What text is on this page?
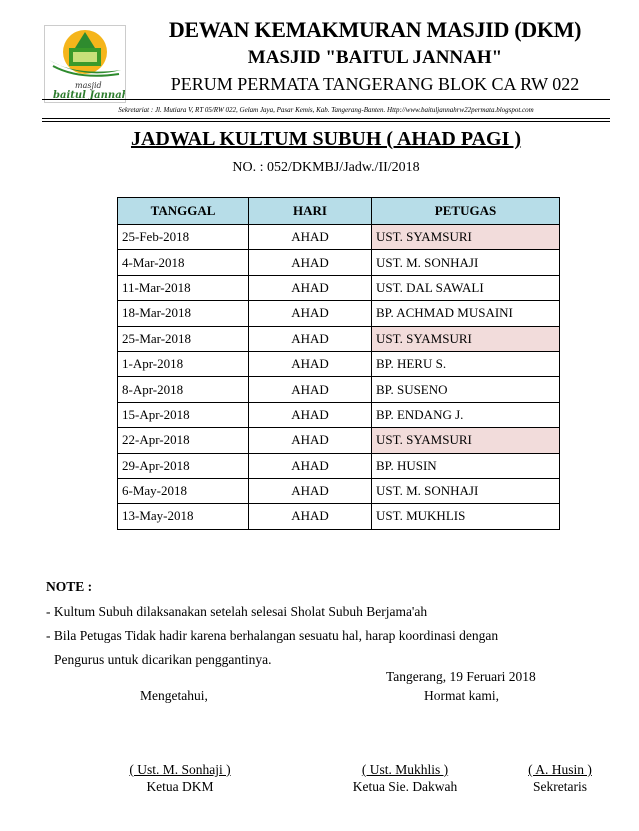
masjid
baitul Jannah
DEWAN KEMAKMURAN MASJID (DKM)
MASJID "BAITUL JANNAH"
PERUM PERMATA TANGERANG BLOK CA RW 022
Sekretariat : Jl. Mutiara V, RT 05/RW 022, Gelam Jaya, Pasar Kemis, Kab. Tangerang-Banten. Http://www.baituljannahrw22permata.blogspot.com
JADWAL KULTUM SUBUH ( AHAD PAGI )
NO. : 052/DKMBJ/Jadw./II/2018
TANGGAL	HARI	PETUGAS
25-Feb-2018	AHAD	UST. SYAMSURI
4-Mar-2018	AHAD	UST. M. SONHAJI
11-Mar-2018	AHAD	UST. DAL SAWALI
18-Mar-2018	AHAD	BP. ACHMAD MUSAINI
25-Mar-2018	AHAD	UST. SYAMSURI
1-Apr-2018	AHAD	BP. HERU S.
8-Apr-2018	AHAD	BP. SUSENO
15-Apr-2018	AHAD	BP. ENDANG J.
22-Apr-2018	AHAD	UST. SYAMSURI
29-Apr-2018	AHAD	BP. HUSIN
6-May-2018	AHAD	UST. M. SONHAJI
13-May-2018	AHAD	UST. MUKHLIS
NOTE :
- Kultum Subuh dilaksanakan setelah selesai Sholat Subuh Berjama'ah
- Bila Petugas Tidak hadir karena berhalangan sesuatu hal, harap koordinasi dengan
Pengurus untuk dicarikan penggantinya.
Tangerang, 19 Feruari 2018
Mengetahui,	Hormat kami,
( Ust. M. Sonhaji )
Ketua DKM
( Ust. Mukhlis )
Ketua Sie. Dakwah
( A. Husin )
Sekretaris
